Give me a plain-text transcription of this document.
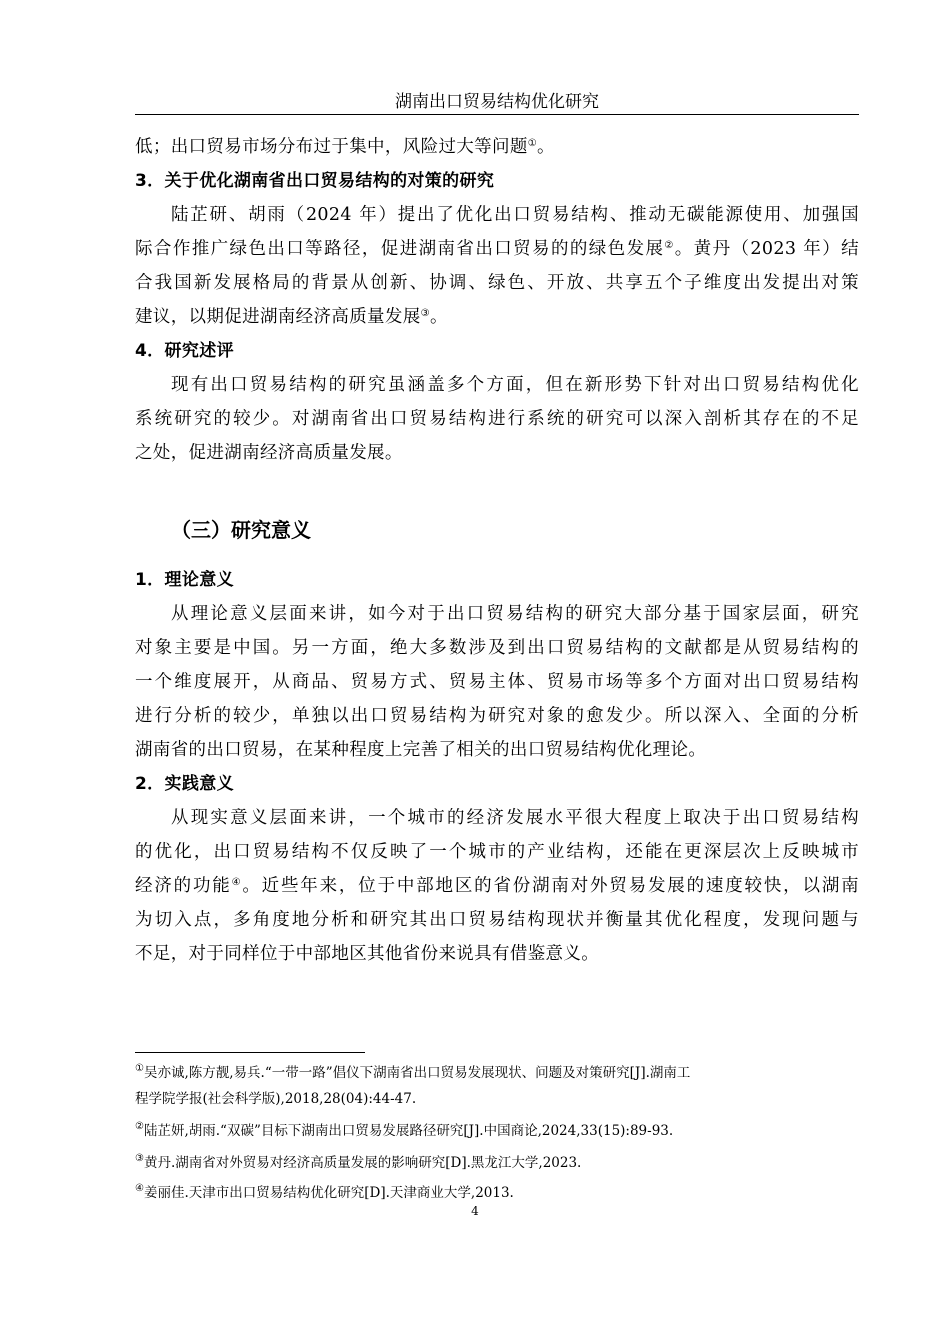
湖南出口贸易结构优化研究
低；出口贸易市场分布过于集中，风险过大等问题①。
3．关于优化湖南省出口贸易结构的对策的研究
陆芷研、胡雨（2024 年）提出了优化出口贸易结构、推动无碳能源使用、加强国
际合作推广绿色出口等路径，促进湖南省出口贸易的的绿色发展②。黄丹（2023 年）结
合我国新发展格局的背景从创新、协调、绿色、开放、共享五个子维度出发提出对策
建议，以期促进湖南经济高质量发展③。
4．研究述评
现有出口贸易结构的研究虽涵盖多个方面，但在新形势下针对出口贸易结构优化
系统研究的较少。对湖南省出口贸易结构进行系统的研究可以深入剖析其存在的不足
之处，促进湖南经济高质量发展。
（三）研究意义
1．理论意义
从理论意义层面来讲，如今对于出口贸易结构的研究大部分基于国家层面，研究
对象主要是中国。另一方面，绝大多数涉及到出口贸易结构的文献都是从贸易结构的
一个维度展开，从商品、贸易方式、贸易主体、贸易市场等多个方面对出口贸易结构
进行分析的较少，单独以出口贸易结构为研究对象的愈发少。所以深入、全面的分析
湖南省的出口贸易，在某种程度上完善了相关的出口贸易结构优化理论。
2．实践意义
从现实意义层面来讲，一个城市的经济发展水平很大程度上取决于出口贸易结构
的优化，出口贸易结构不仅反映了一个城市的产业结构，还能在更深层次上反映城市
经济的功能④。近些年来，位于中部地区的省份湖南对外贸易发展的速度较快，以湖南
为切入点，多角度地分析和研究其出口贸易结构现状并衡量其优化程度，发现问题与
不足，对于同样位于中部地区其他省份来说具有借鉴意义。
①吴亦诚,陈方靓,易兵.“一带一路”倡仪下湖南省出口贸易发展现状、问题及对策研究[J].湖南工
程学院学报(社会科学版),2018,28(04):44-47.
②陆芷妍,胡雨.“双碳”目标下湖南出口贸易发展路径研究[J].中国商论,2024,33(15):89-93.
③黄丹.湖南省对外贸易对经济高质量发展的影响研究[D].黑龙江大学,2023.
④姜丽佳.天津市出口贸易结构优化研究[D].天津商业大学,2013.
4
